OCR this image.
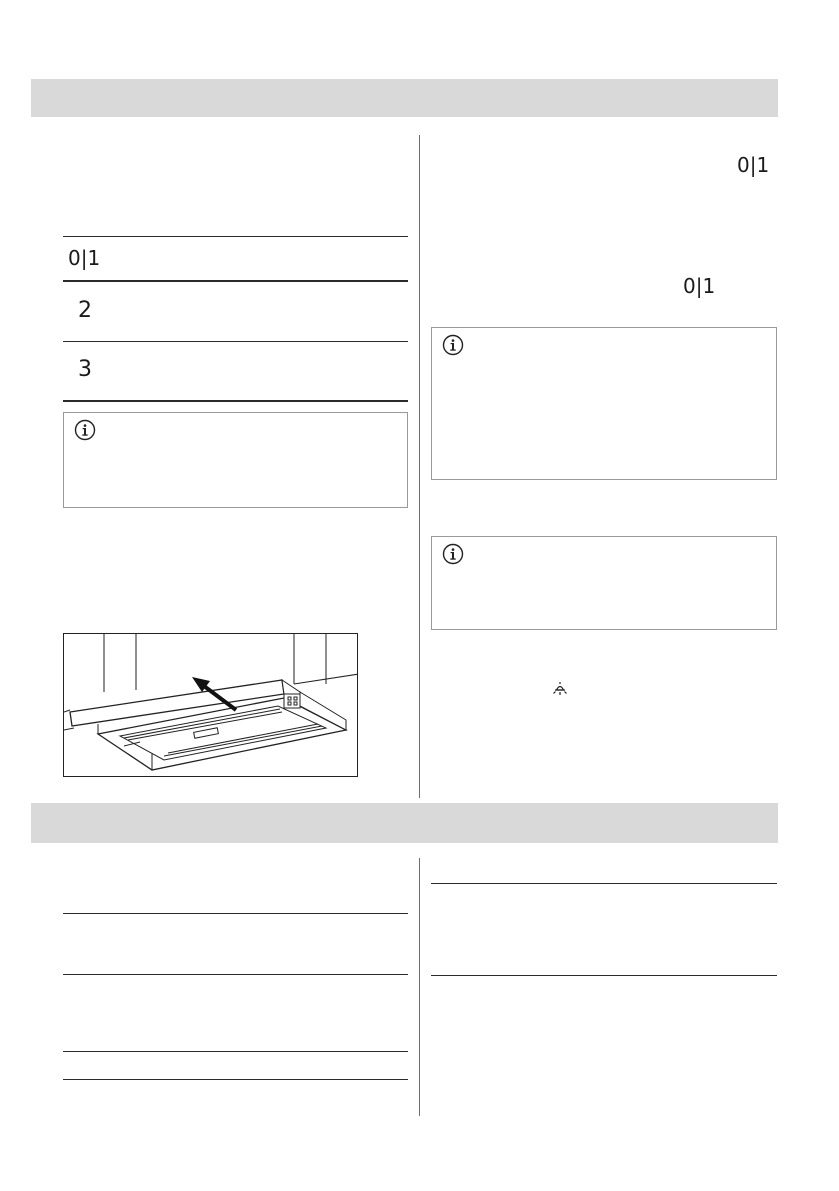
0|1
2
3
0|1
0|1
